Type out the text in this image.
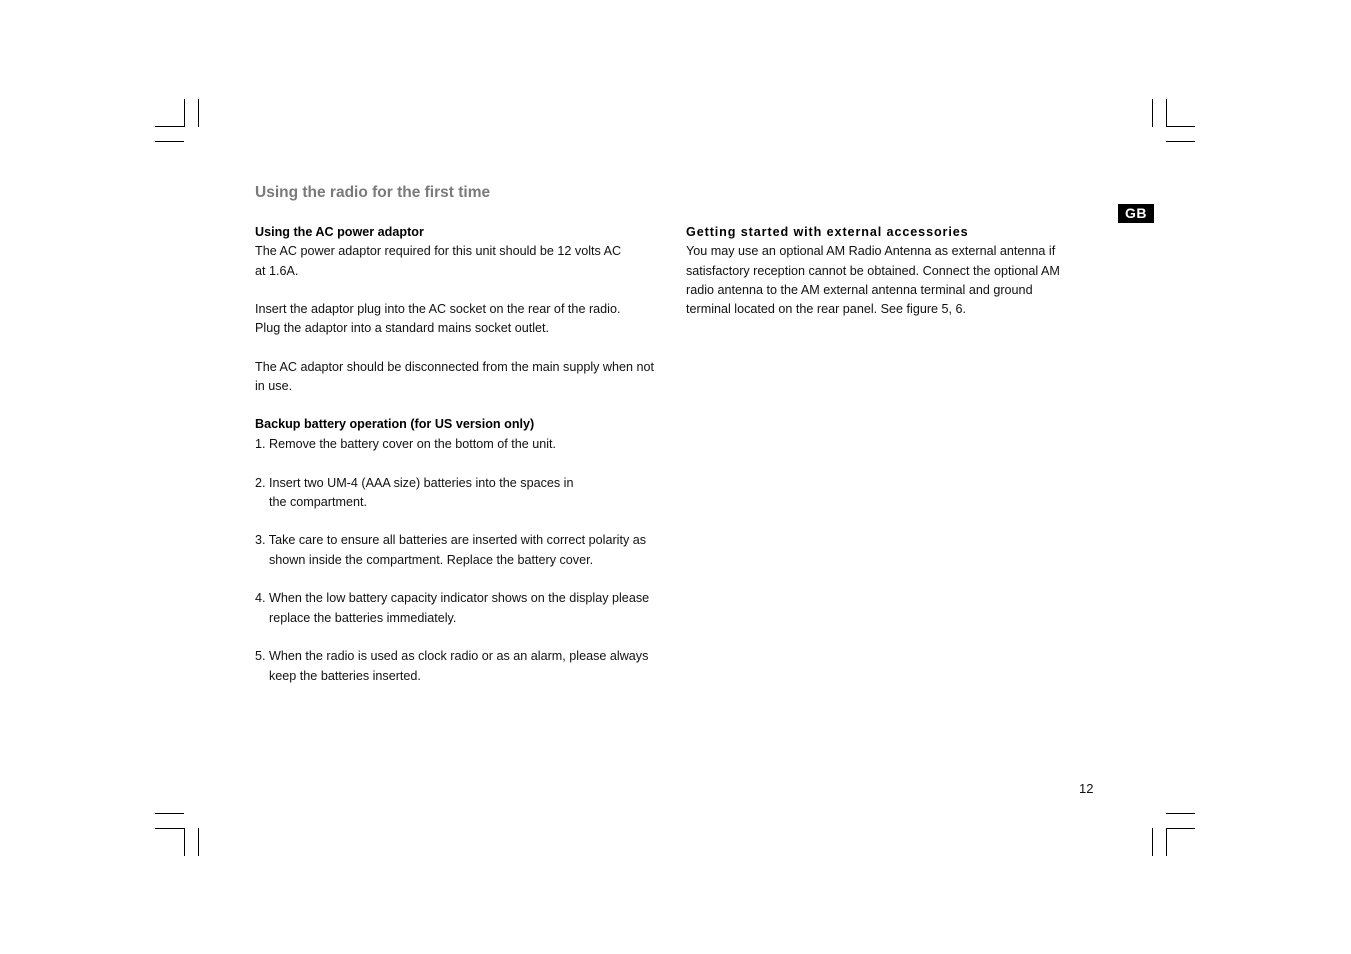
Using the radio for the first time
GB
Using the AC power adaptor

The AC power adaptor required for this unit should be 12 volts AC

at 1.6A.

Insert the adaptor plug into the AC socket on the rear of the radio.

Plug the adaptor into a standard mains socket outlet.

The AC adaptor should be disconnected from the main supply when not

in use.

Backup battery operation (for US version only)
1. Remove the battery cover on the bottom of the unit.
2. Insert two UM-4 (AAA size) batteries into the spaces in
the compartment.
3. Take care to ensure all batteries are inserted with correct polarity as
shown inside the compartment. Replace the battery cover.
4. When the low battery capacity indicator shows on the display please
replace the batteries immediately.
5. When the radio is used as clock radio or as an alarm, please always
keep the batteries inserted.
Getting started with external accessories

You may use an optional AM Radio Antenna as external antenna if

satisfactory reception cannot be obtained. Connect the optional AM

radio antenna to the AM external antenna terminal and ground

terminal located on the rear panel. See figure 5, 6.

12
